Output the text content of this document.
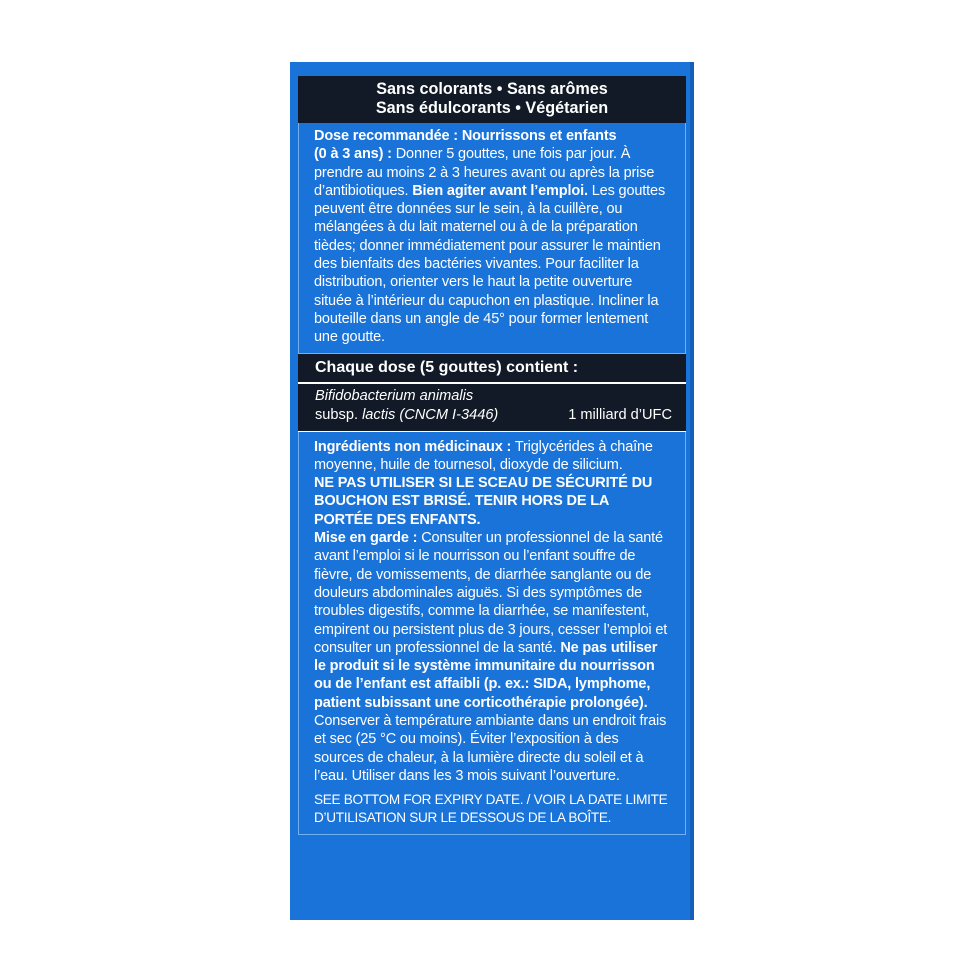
Sans colorants • Sans arômes
Sans édulcorants • Végétarien

Dose recommandée : Nourrissons et enfants
(0 à 3 ans) : Donner 5 gouttes, une fois par jour. À prendre au moins 2 à 3 heures avant ou après la prise d’antibiotiques. Bien agiter avant l’emploi. Les gouttes peuvent être données sur le sein, à la cuillère, ou mélangées à du lait maternel ou à de la préparation tièdes; donner immédiatement pour assurer le maintien des bienfaits des bactéries vivantes. Pour faciliter la distribution, orienter vers le haut la petite ouverture située à l’intérieur du capuchon en plastique. Incliner la bouteille dans un angle de 45° pour former lentement une goutte.

Chaque dose (5 gouttes) contient :
Bifidobacterium animalis
subsp. lactis (CNCM I-3446)	1 milliard d’UFC

Ingrédients non médicinaux : Triglycérides à chaîne moyenne, huile de tournesol, dioxyde de silicium.

NE PAS UTILISER SI LE SCEAU DE SÉCURITÉ DU BOUCHON EST BRISÉ. TENIR HORS DE LA PORTÉE DES ENFANTS.

Mise en garde : Consulter un professionnel de la santé avant l’emploi si le nourrisson ou l’enfant souffre de fièvre, de vomissements, de diarrhée sanglante ou de douleurs abdominales aiguës. Si des symptômes de troubles digestifs, comme la diarrhée, se manifestent, empirent ou persistent plus de 3 jours, cesser l’emploi et consulter un professionnel de la santé. Ne pas utiliser le produit si le système immunitaire du nourrisson ou de l’enfant est affaibli (p. ex.: SIDA, lymphome, patient subissant une corticothérapie prolongée).

Conserver à température ambiante dans un endroit frais et sec (25 °C ou moins). Éviter l’exposition à des sources de chaleur, à la lumière directe du soleil et à l’eau. Utiliser dans les 3 mois suivant l’ouverture.

SEE BOTTOM FOR EXPIRY DATE. / VOIR LA DATE LIMITE D’UTILISATION SUR LE DESSOUS DE LA BOÎTE.
